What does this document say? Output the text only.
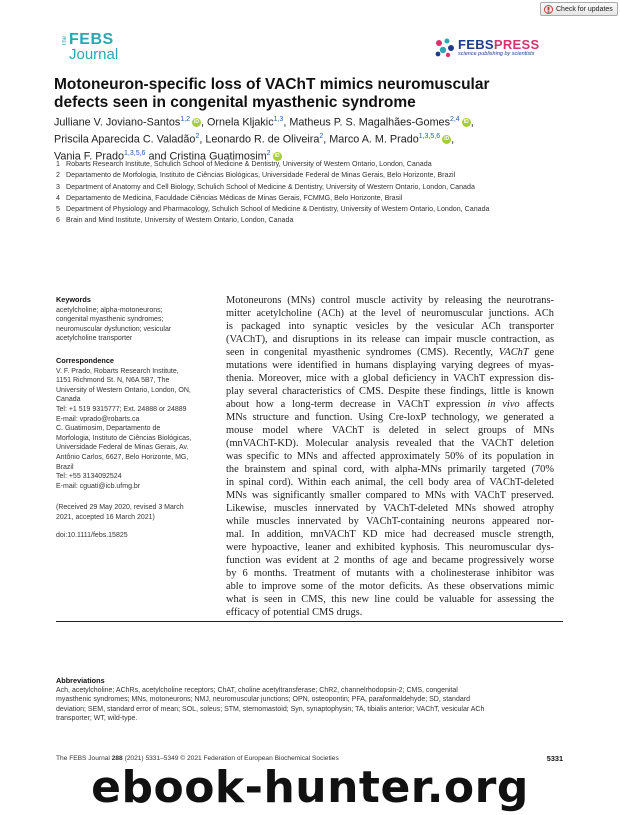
Check for updates
The FEBS
Journal
FEBSPRESS
science publishing by scientists
Motoneuron-specific loss of VAChT mimics neuromuscular
defects seen in congenital myasthenic syndrome
Julliane V. Joviano-Santos$^{1,2}$ iD , Ornela Kljakic$^{1,3}$, Matheus P. S. Magalhães-Gomes$^{2,4}$ iD ,
Priscila Aparecida C. Valadão$^2$, Leonardo R. de Oliveira$^2$, Marco A. M. Prado$^{1,3,5,6}$ iD ,
Vania F. Prado$^{1,3,5,6}$ and Cristina Guatimosim$^2$ iD
1 Robarts Research Institute, Schulich School of Medicine & Dentistry, University of Western Ontario, London, Canada
2 Departamento de Morfologia, Instituto de Ciências Biológicas, Universidade Federal de Minas Gerais, Belo Horizonte, Brazil
3 Department of Anatomy and Cell Biology, Schulich School of Medicine & Dentistry, University of Western Ontario, London, Canada
4 Departamento de Medicina, Faculdade Ciências Médicas de Minas Gerais, FCMMG, Belo Horizonte, Brasil
5 Department of Physiology and Pharmacology, Schulich School of Medicine & Dentistry, University of Western Ontario, London, Canada
6 Brain and Mind Institute, University of Western Ontario, London, Canada
Keywords
acetylcholine; alpha-motoneurons;
congenital myasthenic syndromes;
neuromuscular dysfunction; vesicular
acetylcholine transporter
Correspondence
V. F. Prado, Robarts Research Institute,
1151 Richmond St. N, N6A 5B7, The
University of Western Ontario, London, ON,
Canada
Tel: +1 519 9315777; Ext. 24888 or 24889
E-mail: vprado@robarts.ca
C. Guatimosim, Departamento de
Morfologia, Instituto de Ciências Biológicas,
Universidade Federal de Minas Gerais, Av.
Antônio Carlos, 6627, Belo Horizonte, MG,
Brazil
Tel: +55 3134092524
E-mail: cguati@icb.ufmg.br
(Received 29 May 2020, revised 3 March
2021, accepted 16 March 2021)
doi:10.1111/febs.15825
Motoneurons (MNs) control muscle activity by releasing the neurotrans-
mitter acetylcholine (ACh) at the level of neuromuscular junctions. ACh
is packaged into synaptic vesicles by the vesicular ACh transporter
(VAChT), and disruptions in its release can impair muscle contraction, as
seen in congenital myasthenic syndromes (CMS). Recently, VAChT gene
mutations were identified in humans displaying varying degrees of myas-
thenia. Moreover, mice with a global deficiency in VAChT expression dis-
play several characteristics of CMS. Despite these findings, little is known
about how a long-term decrease in VAChT expression in vivo affects
MNs structure and function. Using Cre-loxP technology, we generated a
mouse model where VAChT is deleted in select groups of MNs
(mnVAChT-KD). Molecular analysis revealed that the VAChT deletion
was specific to MNs and affected approximately 50% of its population in
the brainstem and spinal cord, with alpha-MNs primarily targeted (70%
in spinal cord). Within each animal, the cell body area of VAChT-deleted
MNs was significantly smaller compared to MNs with VAChT preserved.
Likewise, muscles innervated by VAChT-deleted MNs showed atrophy
while muscles innervated by VAChT-containing neurons appeared nor-
mal. In addition, mnVAChT KD mice had decreased muscle strength,
were hypoactive, leaner and exhibited kyphosis. This neuromuscular dys-
function was evident at 2 months of age and became progressively worse
by 6 months. Treatment of mutants with a cholinesterase inhibitor was
able to improve some of the motor deficits. As these observations mimic
what is seen in CMS, this new line could be valuable for assessing the
efficacy of potential CMS drugs.
Abbreviations
Ach, acetylcholine; AChRs, acetylcholine receptors; ChAT, choline acetyltransferase; ChR2, channelrhodopsin-2; CMS, congenital
myasthenic syndromes; MNs, motoneurons; NMJ, neuromuscular junctions; OPN, osteopontin; PFA, paraformaldehyde; SD, standard
deviation; SEM, standard error of mean; SOL, soleus; STM, sternomastoid; Syn, synaptophysin; TA, tibialis anterior; VAChT, vesicular ACh
transporter; WT, wild-type.
The FEBS Journal 288 (2021) 5331–5349 © 2021 Federation of European Biochemical Societies	5331
ebook-hunter.org
